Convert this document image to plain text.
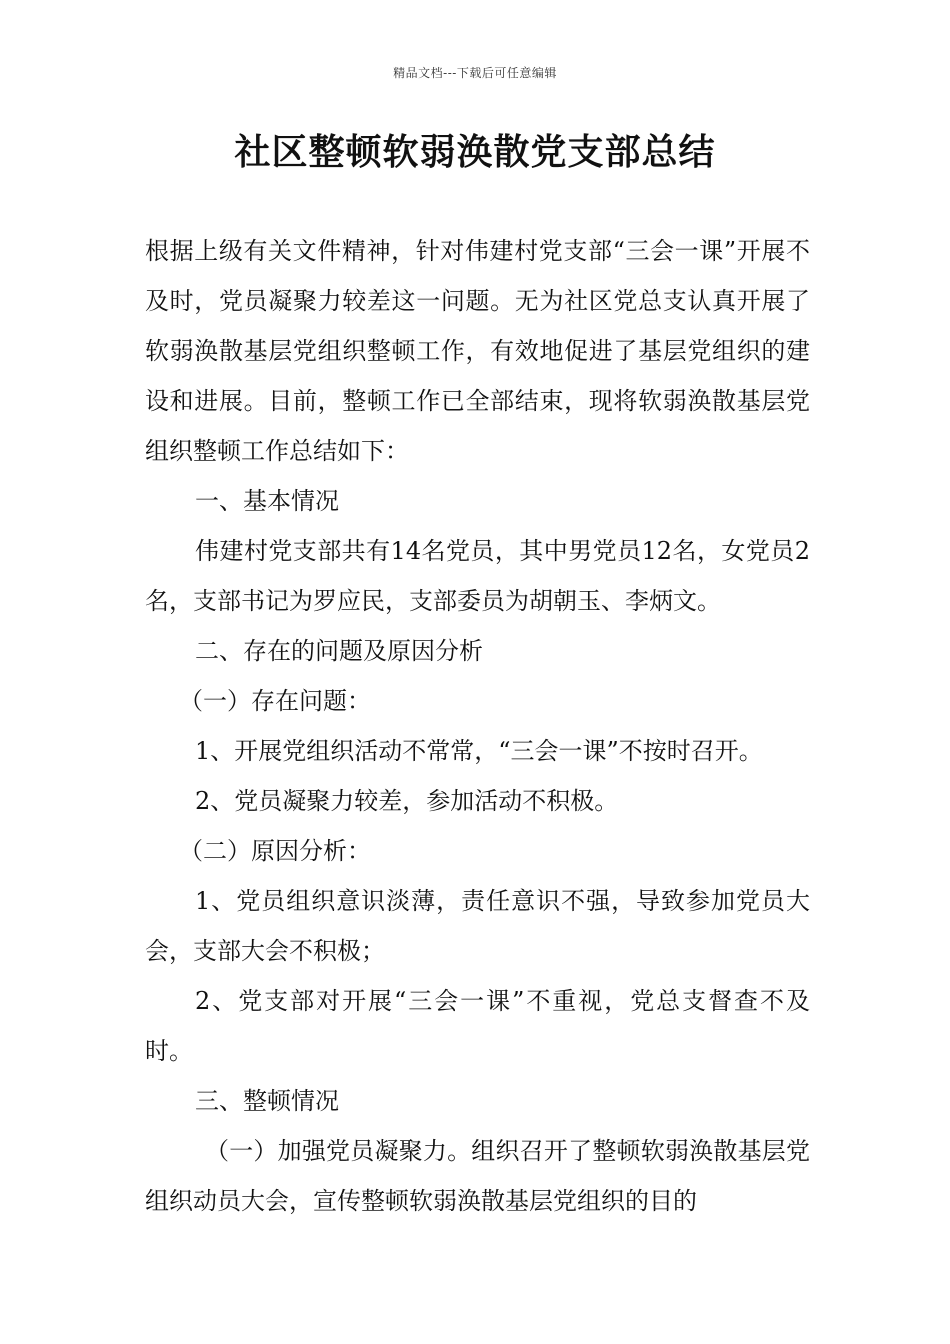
精品文档---下载后可任意编辑
社区整顿软弱涣散党支部总结

根据上级有关文件精神，针对伟建村党支部“三会一课”开展不及时，党员凝聚力较差这一问题。无为社区党总支认真开展了软弱涣散基层党组织整顿工作，有效地促进了基层党组织的建设和进展。目前，整顿工作已全部结束，现将软弱涣散基层党组织整顿工作总结如下：

一、基本情况

伟建村党支部共有14名党员，其中男党员12名，女党员2名，支部书记为罗应民，支部委员为胡朝玉、李炳文。

二、存在的问题及原因分析

（一）存在问题：

1、开展党组织活动不常常，“三会一课”不按时召开。

2、党员凝聚力较差，参加活动不积极。

（二）原因分析：

1、党员组织意识淡薄，责任意识不强，导致参加党员大会，支部大会不积极；

2、党支部对开展“三会一课”不重视，党总支督查不及时。

三、整顿情况

（一）加强党员凝聚力。组织召开了整顿软弱涣散基层党组织动员大会，宣传整顿软弱涣散基层党组织的目的
